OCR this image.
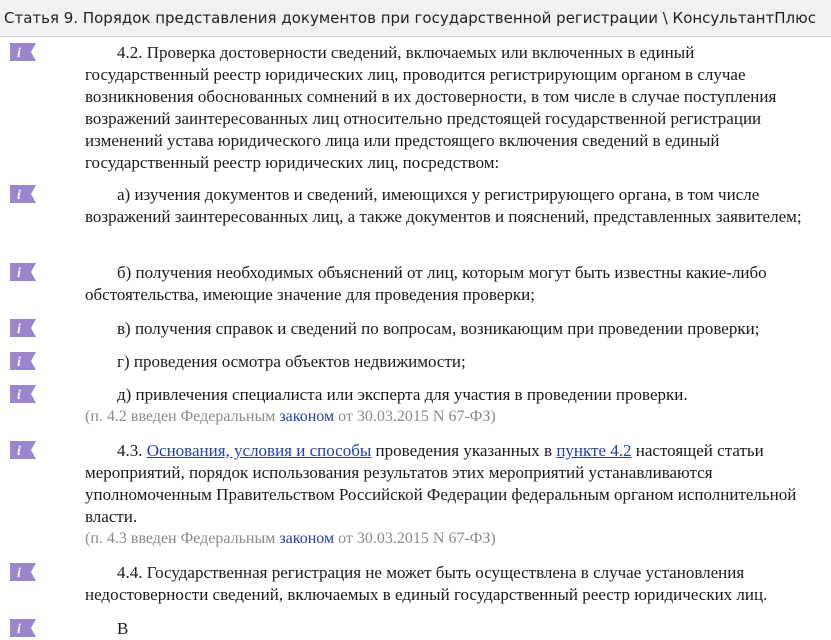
Статья 9. Порядок представления документов при государственной регистрации \ КонсультантПлюс
i	4.2. Проверка достоверности сведений, включаемых или включенных в единый государственный реестр юридических лиц, проводится регистрирующим органом в случае возникновения обоснованных сомнений в их достоверности, в том числе в случае поступления возражений заинтересованных лиц относительно предстоящей государственной регистрации изменений устава юридического лица или предстоящего включения сведений в единый государственный реестр юридических лиц, посредством:
i	а) изучения документов и сведений, имеющихся у регистрирующего органа, в том числе возражений заинтересованных лиц, а также документов и пояснений, представленных заявителем;
i	б) получения необходимых объяснений от лиц, которым могут быть известны какие-либо обстоятельства, имеющие значение для проведения проверки;
i	в) получения справок и сведений по вопросам, возникающим при проведении проверки;
i	г) проведения осмотра объектов недвижимости;
i	д) привлечения специалиста или эксперта для участия в проведении проверки.
(п. 4.2 введен Федеральным законом от 30.03.2015 N 67-ФЗ)
i	4.3. Основания, условия и способы проведения указанных в пункте 4.2 настоящей статьи мероприятий, порядок использования результатов этих мероприятий устанавливаются уполномоченным Правительством Российской Федерации федеральным органом исполнительной власти.
(п. 4.3 введен Федеральным законом от 30.03.2015 N 67-ФЗ)
i	4.4. Государственная регистрация не может быть осуществлена в случае установления недостоверности сведений, включаемых в единый государственный реестр юридических лиц.
i	В
